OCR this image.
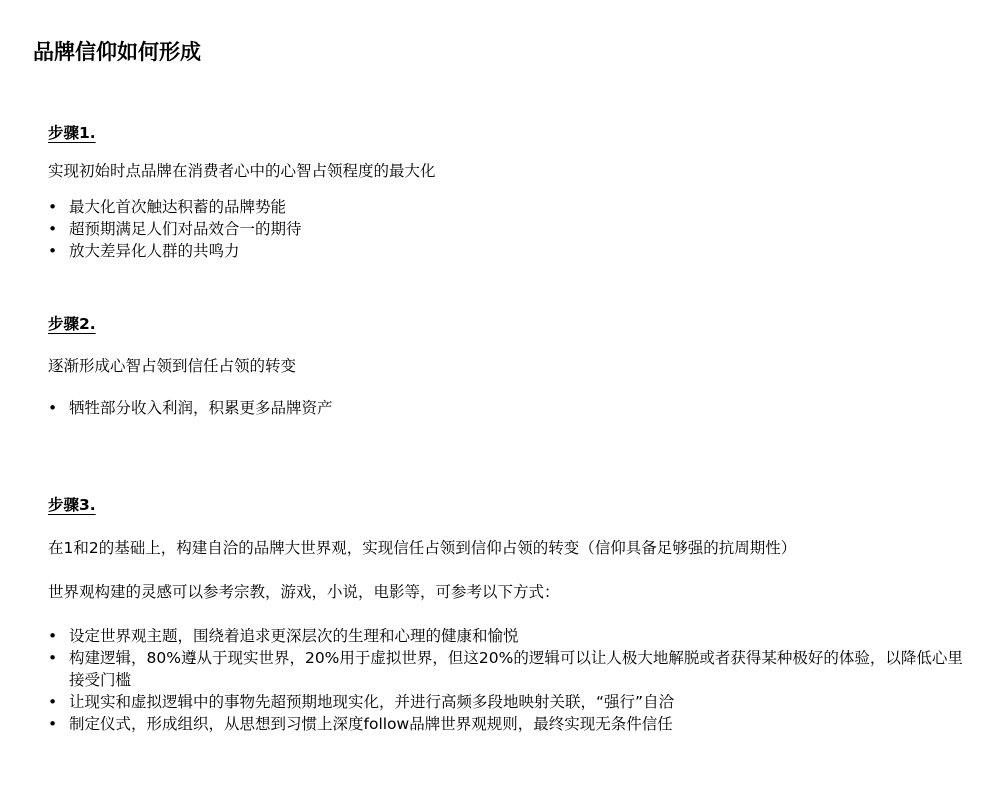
品牌信仰如何形成

步骤1.

实现初始时点品牌在消费者心中的心智占领程度的最大化

• 最大化首次触达积蓄的品牌势能
• 超预期满足人们对品效合一的期待
• 放大差异化人群的共鸣力

步骤2.

逐渐形成心智占领到信任占领的转变

• 牺牲部分收入利润，积累更多品牌资产

步骤3.

在1和2的基础上，构建自洽的品牌大世界观，实现信任占领到信仰占领的转变（信仰具备足够强的抗周期性）

世界观构建的灵感可以参考宗教，游戏，小说，电影等，可参考以下方式：

• 设定世界观主题，围绕着追求更深层次的生理和心理的健康和愉悦
• 构建逻辑，80%遵从于现实世界，20%用于虚拟世界，但这20%的逻辑可以让人极大地解脱或者获得某种极好的体验，以降低心里接受门槛
• 让现实和虚拟逻辑中的事物先超预期地现实化，并进行高频多段地映射关联，“强行”自洽
• 制定仪式，形成组织，从思想到习惯上深度follow品牌世界观规则，最终实现无条件信任
